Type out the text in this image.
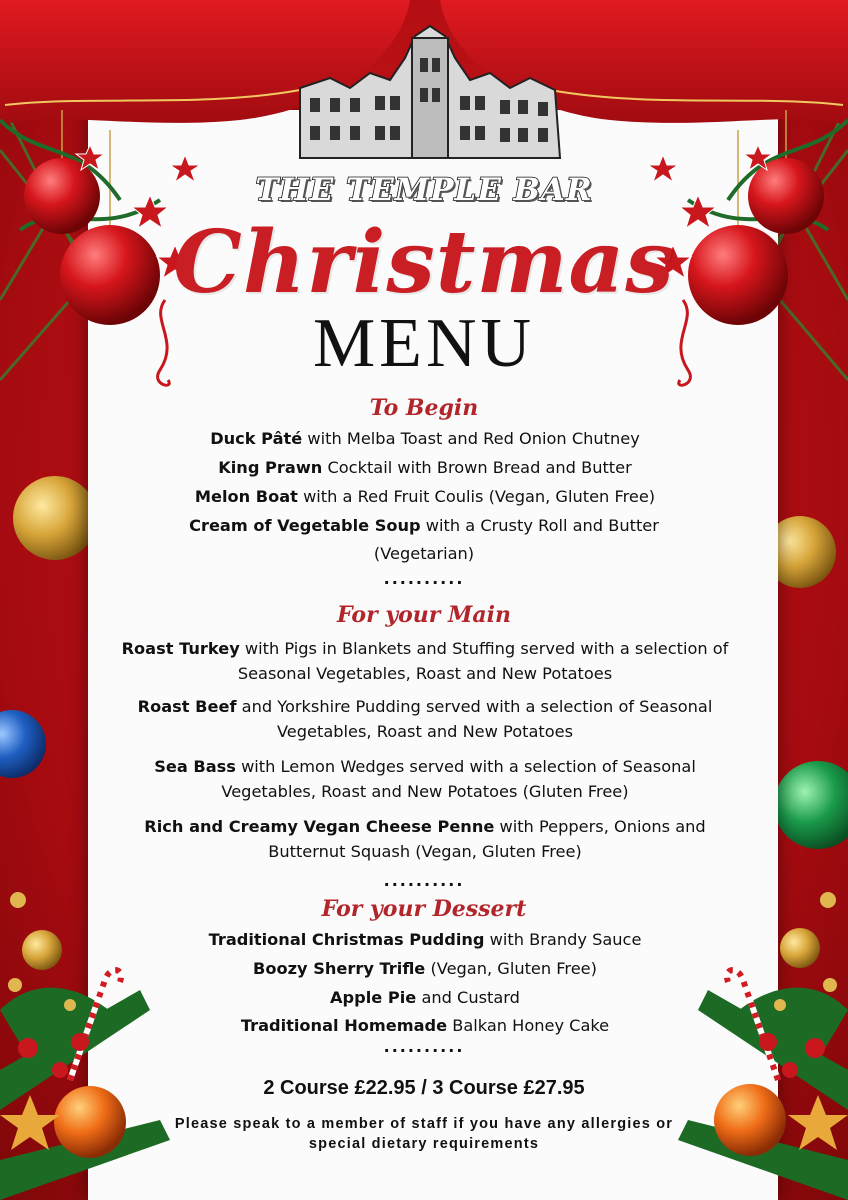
THE TEMPLE BAR
Christmas
MENU
To Begin
Duck Pâté with Melba Toast and Red Onion Chutney
King Prawn Cocktail with Brown Bread and Butter
Melon Boat with a Red Fruit Coulis (Vegan, Gluten Free)
Cream of Vegetable Soup with a Crusty Roll and Butter (Vegetarian)
..........
For your Main
Roast Turkey with Pigs in Blankets and Stuffing served with a selection of Seasonal Vegetables, Roast and New Potatoes
Roast Beef and Yorkshire Pudding served with a selection of Seasonal Vegetables, Roast and New Potatoes
Sea Bass with Lemon Wedges served with a selection of Seasonal Vegetables, Roast and New Potatoes (Gluten Free)
Rich and Creamy Vegan Cheese Penne with Peppers, Onions and Butternut Squash (Vegan, Gluten Free)
..........
For your Dessert
Traditional Christmas Pudding with Brandy Sauce
Boozy Sherry Trifle (Vegan, Gluten Free)
Apple Pie and Custard
Traditional Homemade Balkan Honey Cake
..........
2 Course £22.95 / 3 Course £27.95
Please speak to a member of staff if you have any allergies or special dietary requirements
